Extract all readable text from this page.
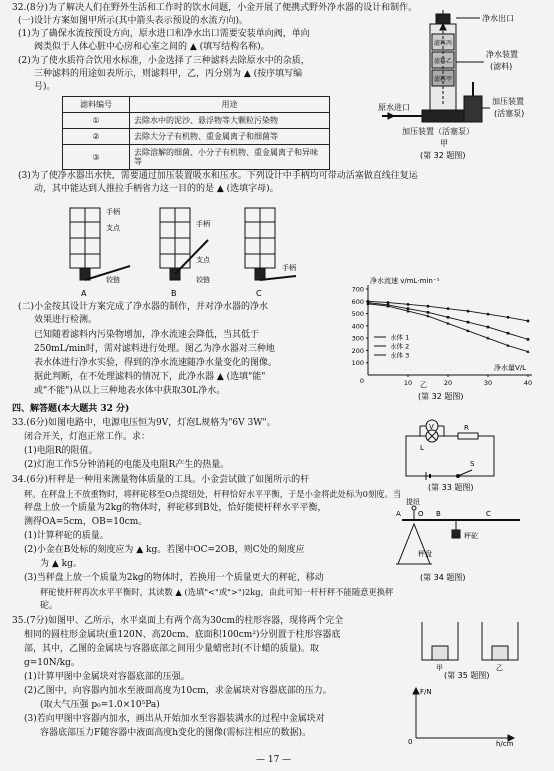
32.(8分)为了解决人们在野外生活和工作时的饮水问题，小金开展了便携式野外净水器的设计和制作。
(一)设计方案如图甲所示(其中箭头表示预设的水流方向)。
(1)为了确保水流按预设方向，原水进口和净水出口需要安装单向阀，单向
阀类似于人体心脏中心房和心室之间的 ▲ (填写结构名称)。
(2)为了使水质符合饮用水标准，小金选择了三种滤料去除原水中的杂质，
三种滤料的用途如表所示，则滤料甲，乙，丙分别为 ▲ (按序填写编
号)。
滤料编号	用途
①	去除水中的泥沙、悬浮物等大颗粒污染物
②	去除大分子有机物、重金属离子和细菌等
③	去除溶解的细菌、小分子有机物、重金属离子和异味等
净水出口
滤料丙
滤料乙
滤料甲
净水装置
(滤料)
原水进口
加压装置
(活塞泵)
加压装置（活塞泵）
甲
(第 32 题图)
(3)为了使净水器出水快，需要通过加压装置吸水和压水。下列设计中手柄均可带动活塞做直线往复运
动，其中能达到人推拉手柄省力这一目的的是 ▲ (选填字母)。
手柄
支点
铰链
手柄
支点
铰链
手柄
A	B	C
(二)小金按其设计方案完成了净水器的制作，并对净水器的净水
效果进行检测。
已知随着滤料内污染物增加，净水流速会降低，当其低于
250mL/min时，需对滤料进行处理。图乙为净水器对三种地
表水体进行净水实验，得到的净水流速随净水量变化的图像。
据此判断，在不处理滤料的情况下，此净水器 ▲ (选填"能"
或"不能")从以上三种地表水体中获取30L净水。
100
200
300
400
500
600
700
10	20	30	40
0
净水流速 v/mL·min⁻¹
净水量V/L
水体 1
水体 2
水体 3
乙
(第 32 题图)
四、解答题(本大题共 32 分)
33.(6分)如图电路中，电源电压恒为9V，灯泡L规格为"6V 3W"。
闭合开关，灯泡正常工作。求：
(1)电阻R的阻值。
(2)灯泡工作5分钟消耗的电能及电阻R产生的热量。
V	R
L
S
(第 33 题图)
34.(6分)杆秤是一种用来测量物体质量的工具。小金尝试做了如图所示的杆
秤。在秤盘上不放重物时，将秤砣移至O点提纽处，杆秤恰好水平平衡，于是小金将此处标为0刻度。当
秤盘上放一个质量为2kg的物体时，秤砣移到B处，恰好能使杆秤水平平衡，
测得OA=5cm，OB=10cm。
(1)计算秤砣的质量。
(2)小金在B处标的刻度应为 ▲ kg。若图中OC=2OB，则C处的刻度应
为 ▲ kg。
(3)当秤盘上放一个质量为2kg的物体时，若换用一个质量更大的秤砣，移动
秤砣使杆秤再次水平平衡时，其读数 ▲ (选填"<"或">")2kg，由此可知一杆杆秤不能随意更换秤
砣。
A O B	C
提纽
秤砣
秤盘
(第 34 题图)
35.(7分)如图甲、乙所示，水平桌面上有两个高为30cm的柱形容器，现将两个完全
相同的圆柱形金属块(重120N、高20cm、底面积100cm²)分别置于柱形容器底
部，其中，乙图的金属块与容器底部之间用少量蜡密封(不计蜡的质量)。取
g=10N/kg。
(1)计算甲图中金属块对容器底部的压强。
(2)乙图中，向容器内加水至液面高度为10cm，求金属块对容器底部的压力。
(取大气压强 p₀=1.0×10⁵Pa)
(3)若向甲图中容器内加水，画出从开始加水至容器装满水的过程中金属块对
容器底部压力F随容器中液面高度h变化的图像(需标注相应的数据)。
甲	乙
(第 35 题图)
F/N
h/cm
0
— 17 —
